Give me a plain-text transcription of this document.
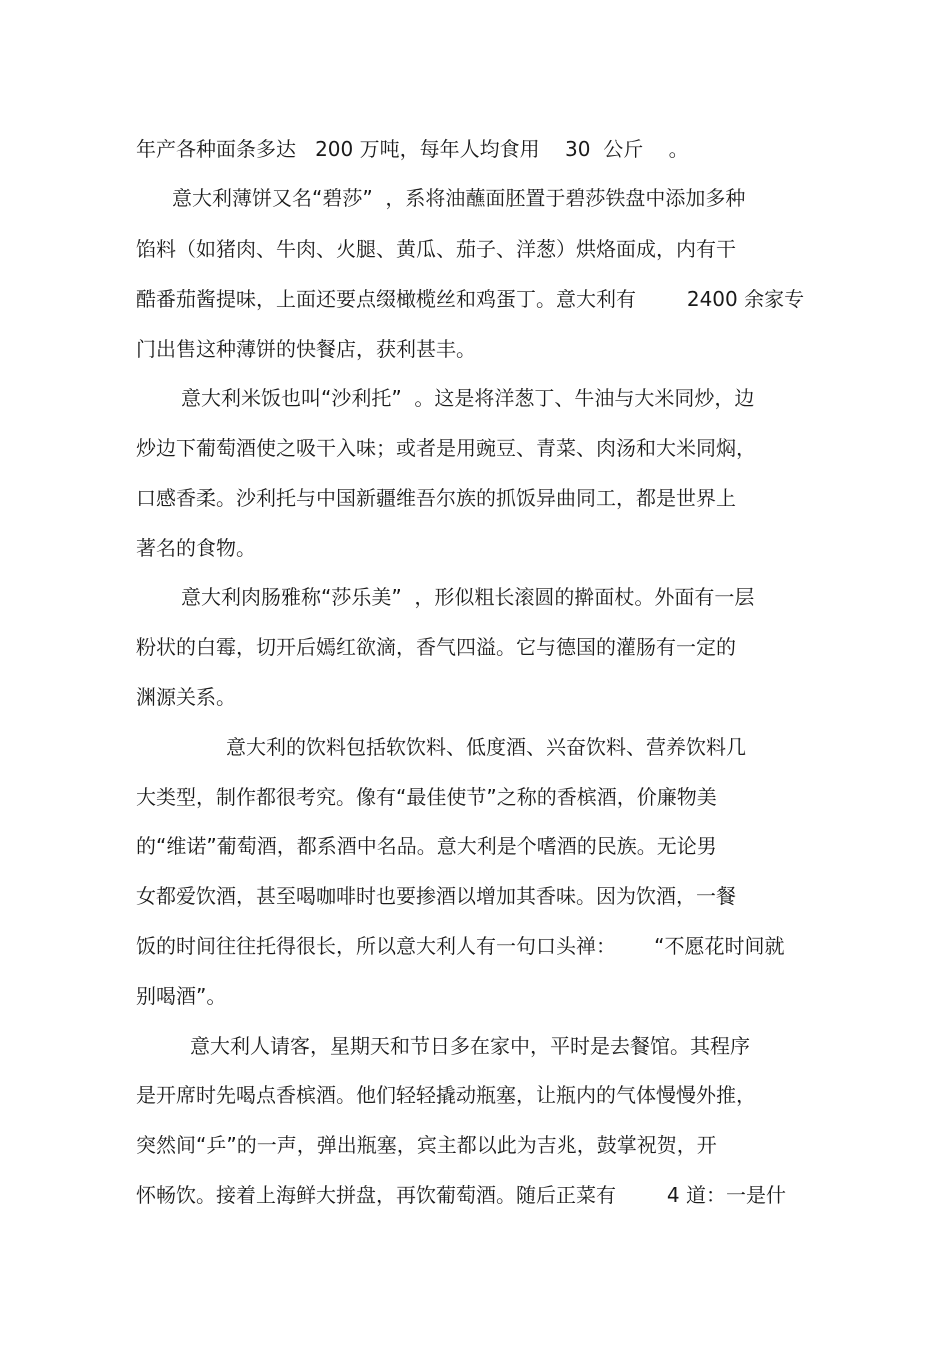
年产各种面条多达   200 万吨，每年人均食用    30  公斤    。
意大利薄饼又名“碧莎”  ，系将油蘸面胚置于碧莎铁盘中添加多种
馅料（如猪肉、牛肉、火腿、黄瓜、茄子、洋葱）烘烙面成，内有干
酷番茄酱提味，上面还要点缀橄榄丝和鸡蛋丁。意大利有        2400 余家专
门出售这种薄饼的快餐店，获利甚丰。
意大利米饭也叫“沙利托”  。这是将洋葱丁、牛油与大米同炒，边
炒边下葡萄酒使之吸干入味；或者是用豌豆、青菜、肉汤和大米同焖，
口感香柔。沙利托与中国新疆维吾尔族的抓饭异曲同工，都是世界上
著名的食物。
意大利肉肠雅称“莎乐美”  ，形似粗长滚圆的擀面杖。外面有一层
粉状的白霉，切开后嫣红欲滴，香气四溢。它与德国的灌肠有一定的
渊源关系。
意大利的饮料包括软饮料、低度酒、兴奋饮料、营养饮料几
大类型，制作都很考究。像有“最佳使节”之称的香槟酒，价廉物美
的“维诺”葡萄酒，都系酒中名品。意大利是个嗜酒的民族。无论男
女都爱饮酒，甚至喝咖啡时也要掺酒以增加其香味。因为饮酒，一餐
饭的时间往往托得很长，所以意大利人有一句口头禅：      “不愿花时间就
别喝酒”。
意大利人请客，星期天和节日多在家中，平时是去餐馆。其程序
是开席时先喝点香槟酒。他们轻轻撬动瓶塞，让瓶内的气体慢慢外推，
突然间“乒”的一声，弹出瓶塞，宾主都以此为吉兆，鼓掌祝贺，开
怀畅饮。接着上海鲜大拼盘，再饮葡萄酒。随后正菜有        4 道：一是什
